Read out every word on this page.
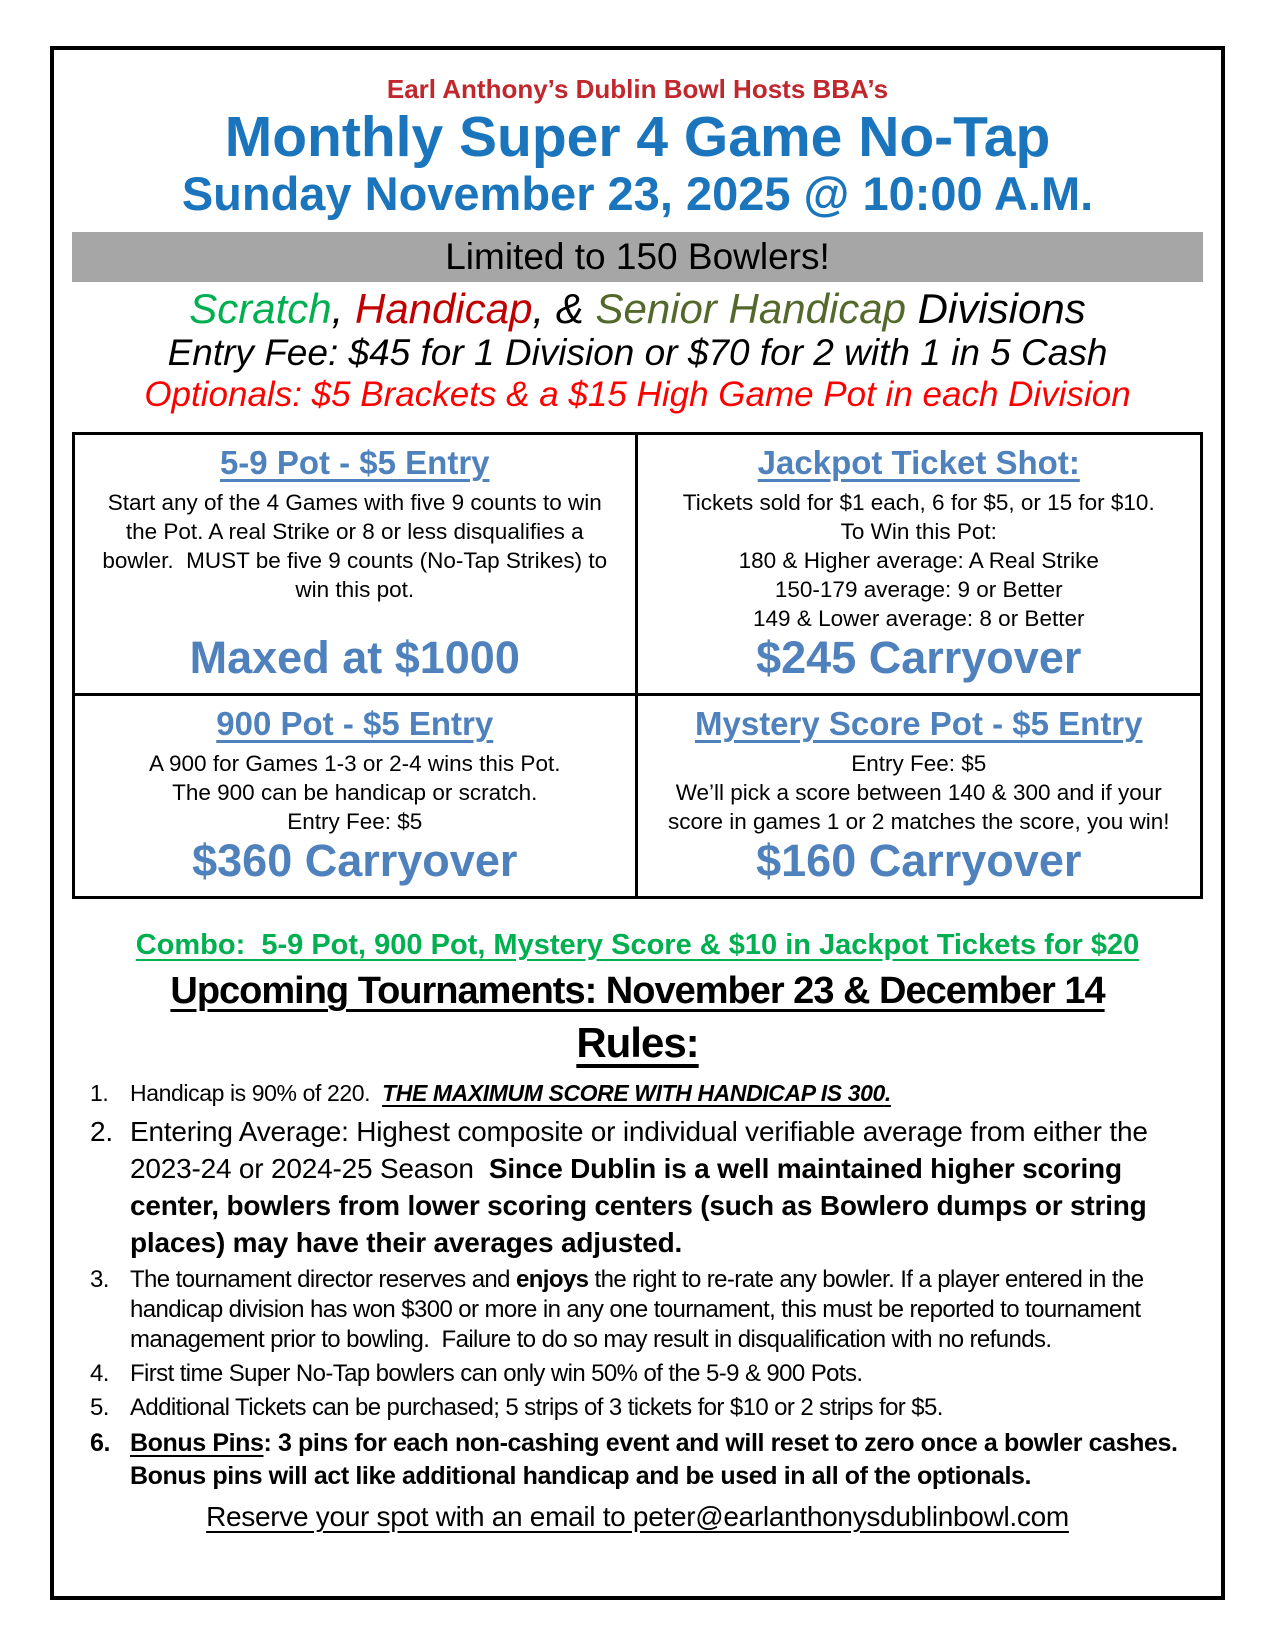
Earl Anthony’s Dublin Bowl Hosts BBA’s
Monthly Super 4 Game No-Tap
Sunday November 23, 2025 @ 10:00 A.M.
Limited to 150 Bowlers!
Scratch, Handicap, & Senior Handicap Divisions
Entry Fee: $45 for 1 Division or $70 for 2 with 1 in 5 Cash
Optionals: $5 Brackets & a $15 High Game Pot in each Division
5-9 Pot - $5 Entry
Start any of the 4 Games with five 9 counts to win the Pot. A real Strike or 8 or less disqualifies a bowler.  MUST be five 9 counts (No-Tap Strikes) to win this pot.
Maxed at $1000
Jackpot Ticket Shot:
Tickets sold for $1 each, 6 for $5, or 15 for $10.
To Win this Pot:
180 & Higher average: A Real Strike
150-179 average: 9 or Better
149 & Lower average: 8 or Better
$245 Carryover
900 Pot - $5 Entry
A 900 for Games 1-3 or 2-4 wins this Pot.
The 900 can be handicap or scratch.
Entry Fee: $5
$360 Carryover
Mystery Score Pot - $5 Entry
Entry Fee: $5
We’ll pick a score between 140 & 300 and if your score in games 1 or 2 matches the score, you win!
$160 Carryover
Combo:  5-9 Pot, 900 Pot, Mystery Score & $10 in Jackpot Tickets for $20
Upcoming Tournaments: November 23 & December 14
Rules:
1. Handicap is 90% of 220.  THE MAXIMUM SCORE WITH HANDICAP IS 300.
2. Entering Average: Highest composite or individual verifiable average from either the 2023-24 or 2024-25 Season  Since Dublin is a well maintained higher scoring center, bowlers from lower scoring centers (such as Bowlero dumps or string places) may have their averages adjusted.
3. The tournament director reserves and enjoys the right to re-rate any bowler. If a player entered in the handicap division has won $300 or more in any one tournament, this must be reported to tournament management prior to bowling.  Failure to do so may result in disqualification with no refunds.
4. First time Super No-Tap bowlers can only win 50% of the 5-9 & 900 Pots.
5. Additional Tickets can be purchased; 5 strips of 3 tickets for $10 or 2 strips for $5.
6. Bonus Pins: 3 pins for each non-cashing event and will reset to zero once a bowler cashes. Bonus pins will act like additional handicap and be used in all of the optionals.
Reserve your spot with an email to peter@earlanthonysdublinbowl.com
